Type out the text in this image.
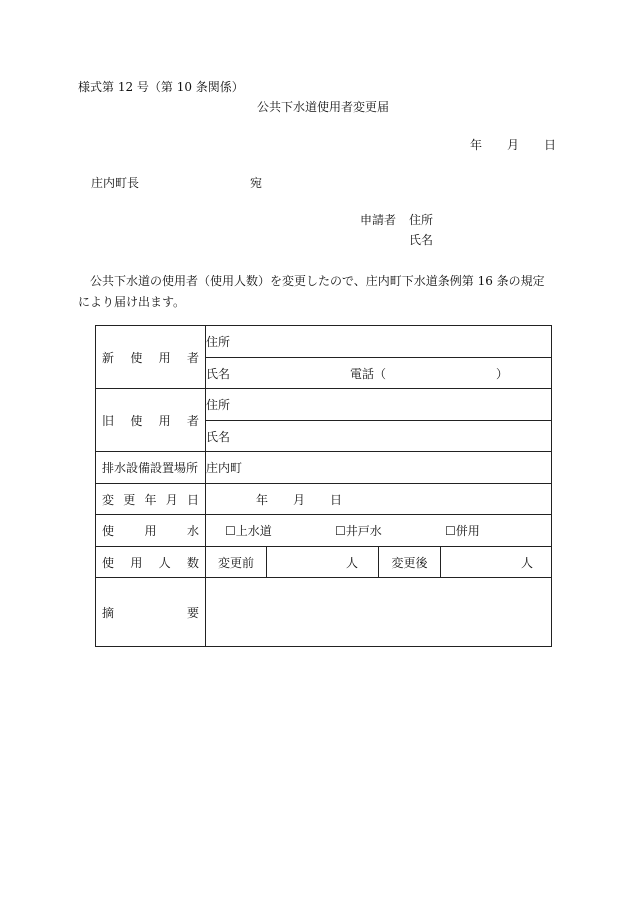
様式第 12 号（第 10 条関係）
公共下水道使用者変更届
年 月 日
庄内町長	宛
申請者 住所
氏名
公共下水道の使用者（使用人数）を変更したので、庄内町下水道条例第 16 条の規定により届け出ます。
新 使 用 者	住所			
	氏名 電話（ ）			

旧 使 用 者	住所			
	氏名			
排水設備設置場所	庄内町			

変 更 年 月 日	年 月 日			

使 用 水	☐上水道 ☐井戸水 ☐併用			

使 用 人 数	変更前	人	変更後	人

摘 要				
